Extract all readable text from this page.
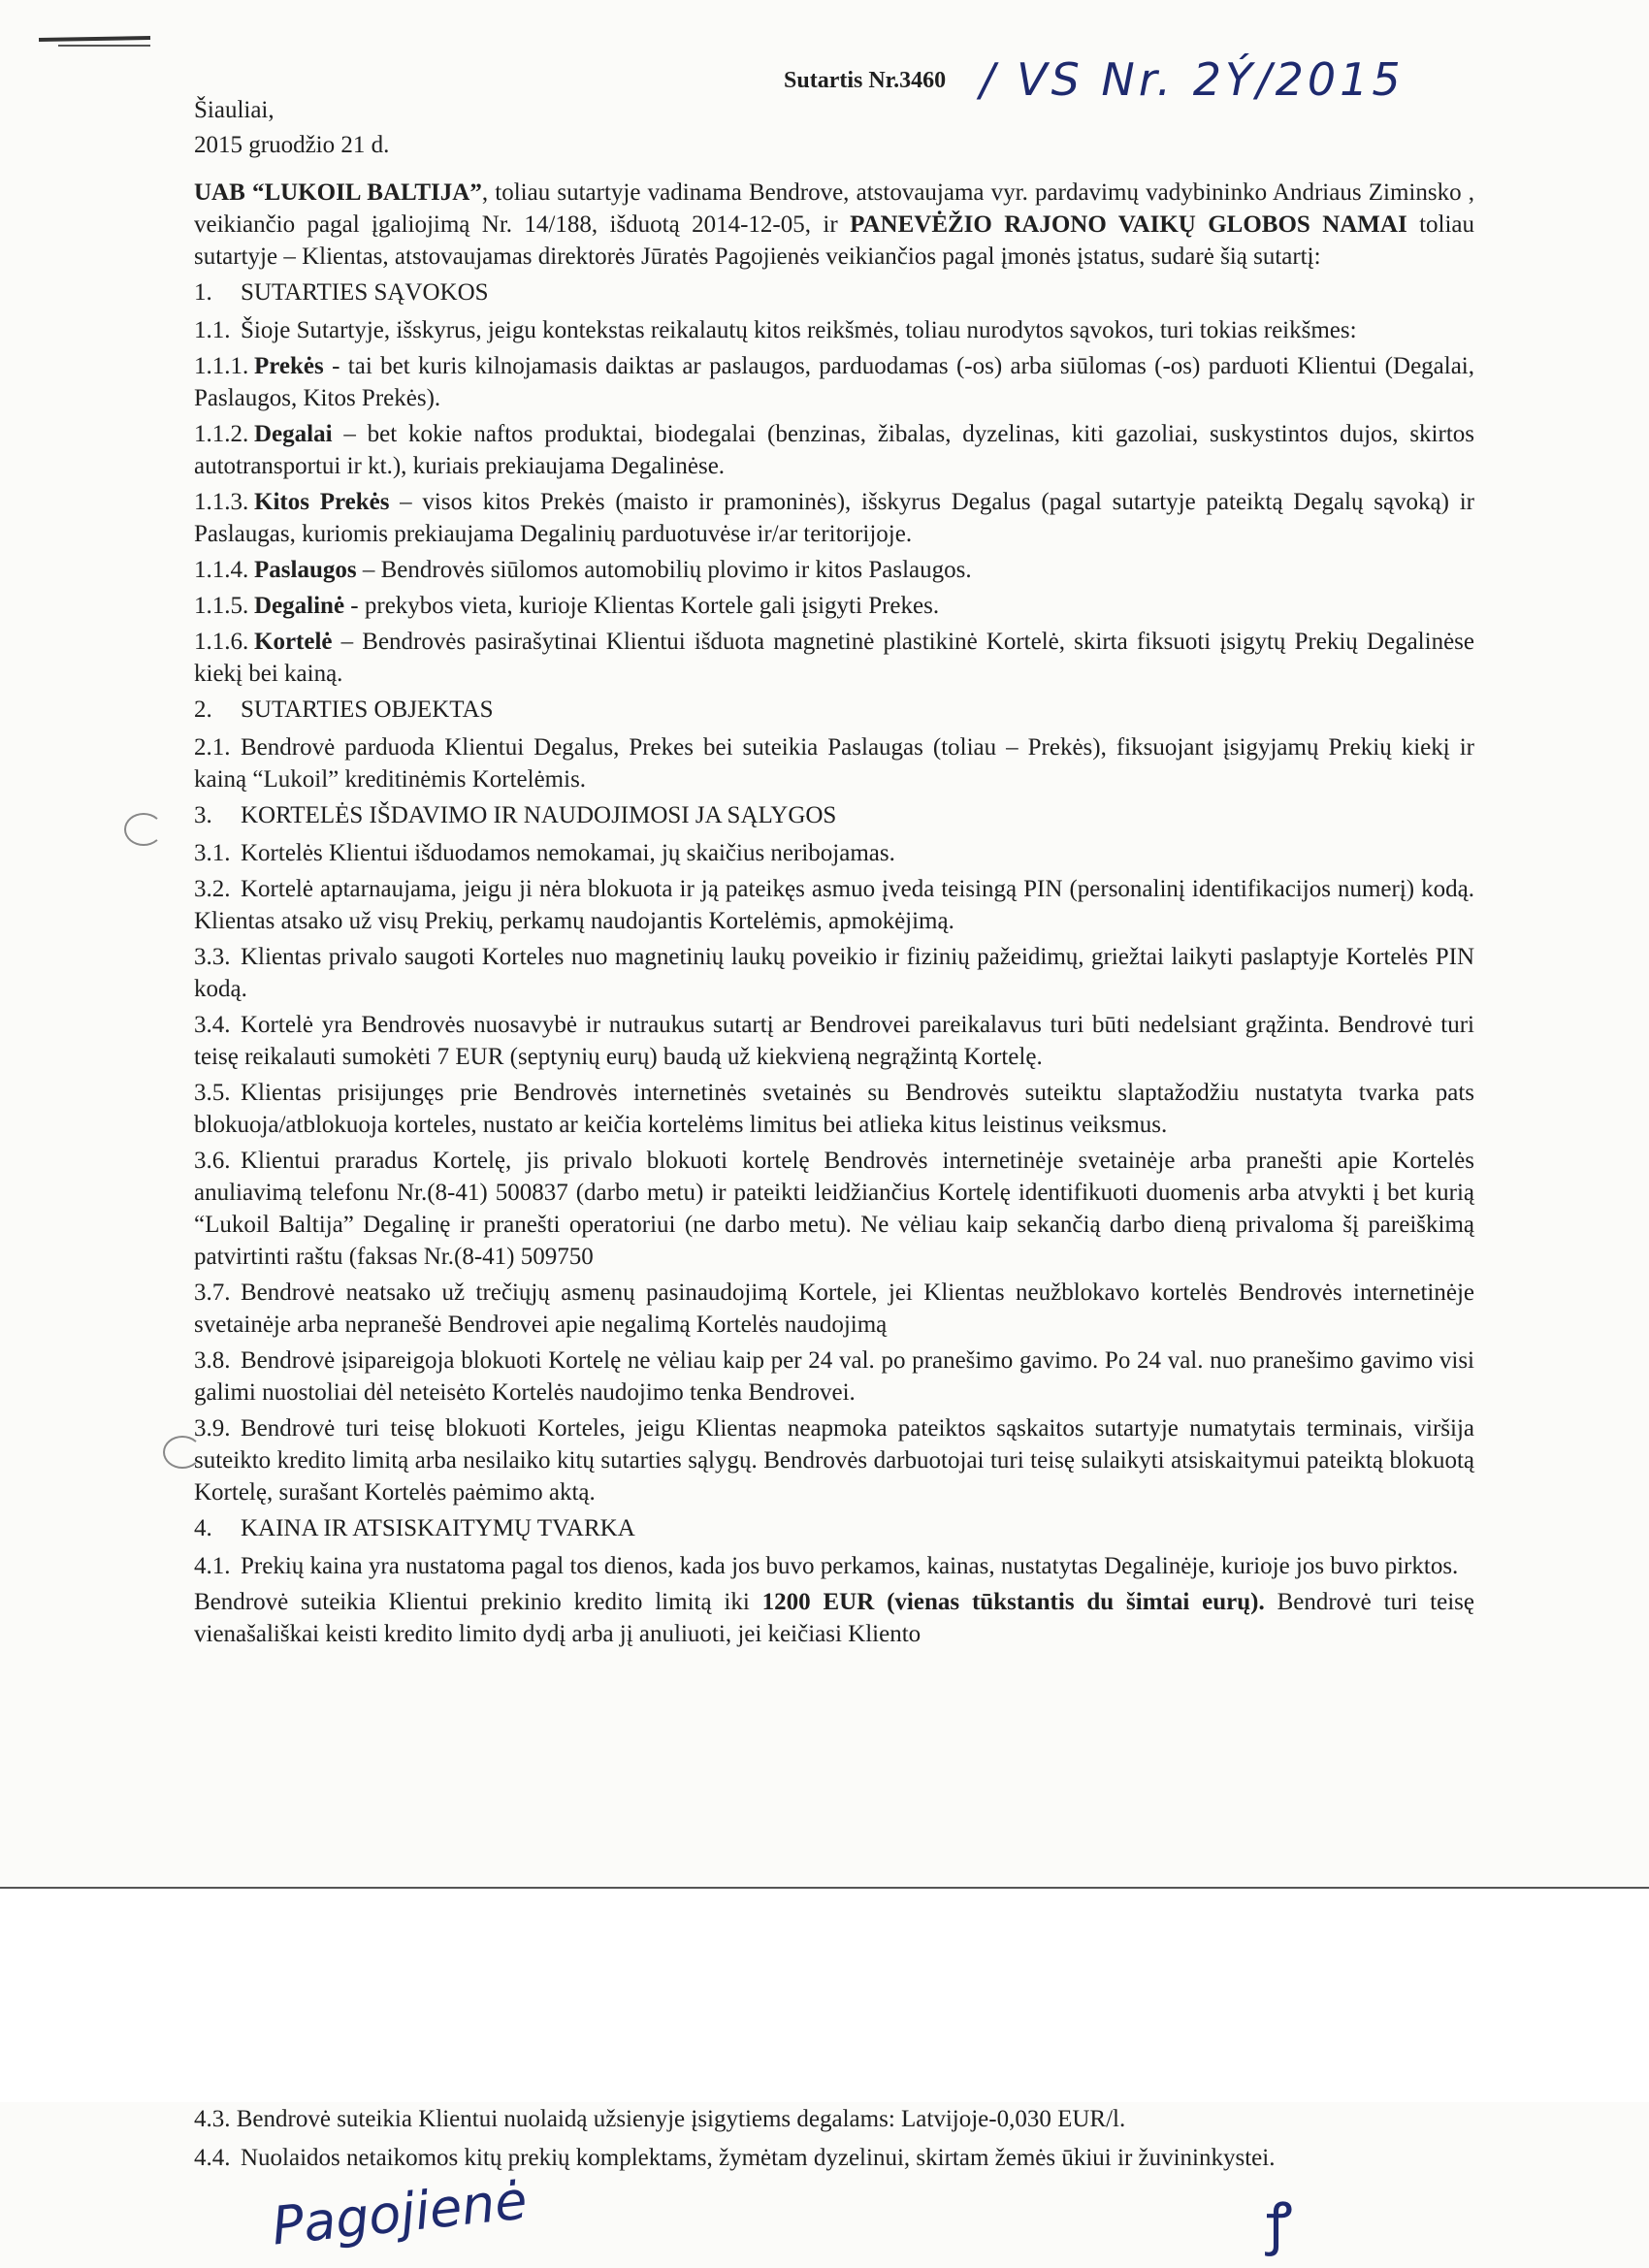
Sutartis Nr.3460 / VS Nr. 2Ý/2015
Šiauliai,
2015 gruodžio 21 d.

UAB “LUKOIL BALTIJA”, toliau sutartyje vadinama Bendrove, atstovaujama vyr. pardavimų vadybininko Andriaus Ziminsko , veikiančio pagal įgaliojimą Nr. 14/188, išduotą 2014-12-05, ir PANEVĖŽIO RAJONO VAIKŲ GLOBOS NAMAI toliau sutartyje – Klientas, atstovaujamas direktorės Jūratės Pagojienės veikiančios pagal įmonės įstatus, sudarė šią sutartį:

1. SUTARTIES SĄVOKOS

1.1. Šioje Sutartyje, išskyrus, jeigu kontekstas reikalautų kitos reikšmės, toliau nurodytos sąvokos, turi tokias reikšmes:

1.1.1. Prekės - tai bet kuris kilnojamasis daiktas ar paslaugos, parduodamas (-os) arba siūlomas (-os) parduoti Klientui (Degalai, Paslaugos, Kitos Prekės).

1.1.2. Degalai – bet kokie naftos produktai, biodegalai (benzinas, žibalas, dyzelinas, kiti gazoliai, suskystintos dujos, skirtos autotransportui ir kt.), kuriais prekiaujama Degalinėse.

1.1.3. Kitos Prekės – visos kitos Prekės (maisto ir pramoninės), išskyrus Degalus (pagal sutartyje pateiktą Degalų sąvoką) ir Paslaugas, kuriomis prekiaujama Degalinių parduotuvėse ir/ar teritorijoje.

1.1.4. Paslaugos – Bendrovės siūlomos automobilių plovimo ir kitos Paslaugos.

1.1.5. Degalinė - prekybos vieta, kurioje Klientas Kortele gali įsigyti Prekes.

1.1.6. Kortelė – Bendrovės pasirašytinai Klientui išduota magnetinė plastikinė Kortelė, skirta fiksuoti įsigytų Prekių Degalinėse kiekį bei kainą.

2. SUTARTIES OBJEKTAS

2.1. Bendrovė parduoda Klientui Degalus, Prekes bei suteikia Paslaugas (toliau – Prekės), fiksuojant įsigyjamų Prekių kiekį ir kainą “Lukoil” kreditinėmis Kortelėmis.

3. KORTELĖS IŠDAVIMO IR NAUDOJIMOSI JA SĄLYGOS

3.1. Kortelės Klientui išduodamos nemokamai, jų skaičius neribojamas.

3.2. Kortelė aptarnaujama, jeigu ji nėra blokuota ir ją pateikęs asmuo įveda teisingą PIN (personalinį identifikacijos numerį) kodą. Klientas atsako už visų Prekių, perkamų naudojantis Kortelėmis, apmokėjimą.

3.3. Klientas privalo saugoti Korteles nuo magnetinių laukų poveikio ir fizinių pažeidimų, griežtai laikyti paslaptyje Kortelės PIN kodą.

3.4. Kortelė yra Bendrovės nuosavybė ir nutraukus sutartį ar Bendrovei pareikalavus turi būti nedelsiant grąžinta. Bendrovė turi teisę reikalauti sumokėti 7 EUR (septynių eurų) baudą už kiekvieną negrąžintą Kortelę.

3.5. Klientas prisijungęs prie Bendrovės internetinės svetainės su Bendrovės suteiktu slaptažodžiu nustatyta tvarka pats blokuoja/atblokuoja korteles, nustato ar keičia kortelėms limitus bei atlieka kitus leistinus veiksmus.

3.6. Klientui praradus Kortelę, jis privalo blokuoti kortelę Bendrovės internetinėje svetainėje arba pranešti apie Kortelės anuliavimą telefonu Nr.(8-41) 500837 (darbo metu) ir pateikti leidžiančius Kortelę identifikuoti duomenis arba atvykti į bet kurią “Lukoil Baltija” Degalinę ir pranešti operatoriui (ne darbo metu). Ne vėliau kaip sekančią darbo dieną privaloma šį pareiškimą patvirtinti raštu (faksas Nr.(8-41) 509750

3.7. Bendrovė neatsako už trečiųjų asmenų pasinaudojimą Kortele, jei Klientas neužblokavo kortelės Bendrovės internetinėje svetainėje arba nepranešė Bendrovei apie negalimą Kortelės naudojimą

3.8. Bendrovė įsipareigoja blokuoti Kortelę ne vėliau kaip per 24 val. po pranešimo gavimo. Po 24 val. nuo pranešimo gavimo visi galimi nuostoliai dėl neteisėto Kortelės naudojimo tenka Bendrovei.

3.9. Bendrovė turi teisę blokuoti Korteles, jeigu Klientas neapmoka pateiktos sąskaitos sutartyje numatytais terminais, viršija suteikto kredito limitą arba nesilaiko kitų sutarties sąlygų. Bendrovės darbuotojai turi teisę sulaikyti atsiskaitymui pateiktą blokuotą Kortelę, surašant Kortelės paėmimo aktą.

4. KAINA IR ATSISKAITYMŲ TVARKA

4.1. Prekių kaina yra nustatoma pagal tos dienos, kada jos buvo perkamos, kainas, nustatytas Degalinėje, kurioje jos buvo pirktos.

Bendrovė suteikia Klientui prekinio kredito limitą iki 1200 EUR (vienas tūkstantis du šimtai eurų). Bendrovė turi teisę vienašališkai keisti kredito limito dydį arba jį anuliuoti, jei keičiasi Kliento

4.3. Bendrovė suteikia Klientui nuolaidą užsienyje įsigytiems degalams: Latvijoje-0,030 EUR/l.
4.4. Nuolaidos netaikomos kitų prekių komplektams, žymėtam dyzelinui, skirtam žemės ūkiui ir žuvininkystei.
Pagojienė	ꝭ
